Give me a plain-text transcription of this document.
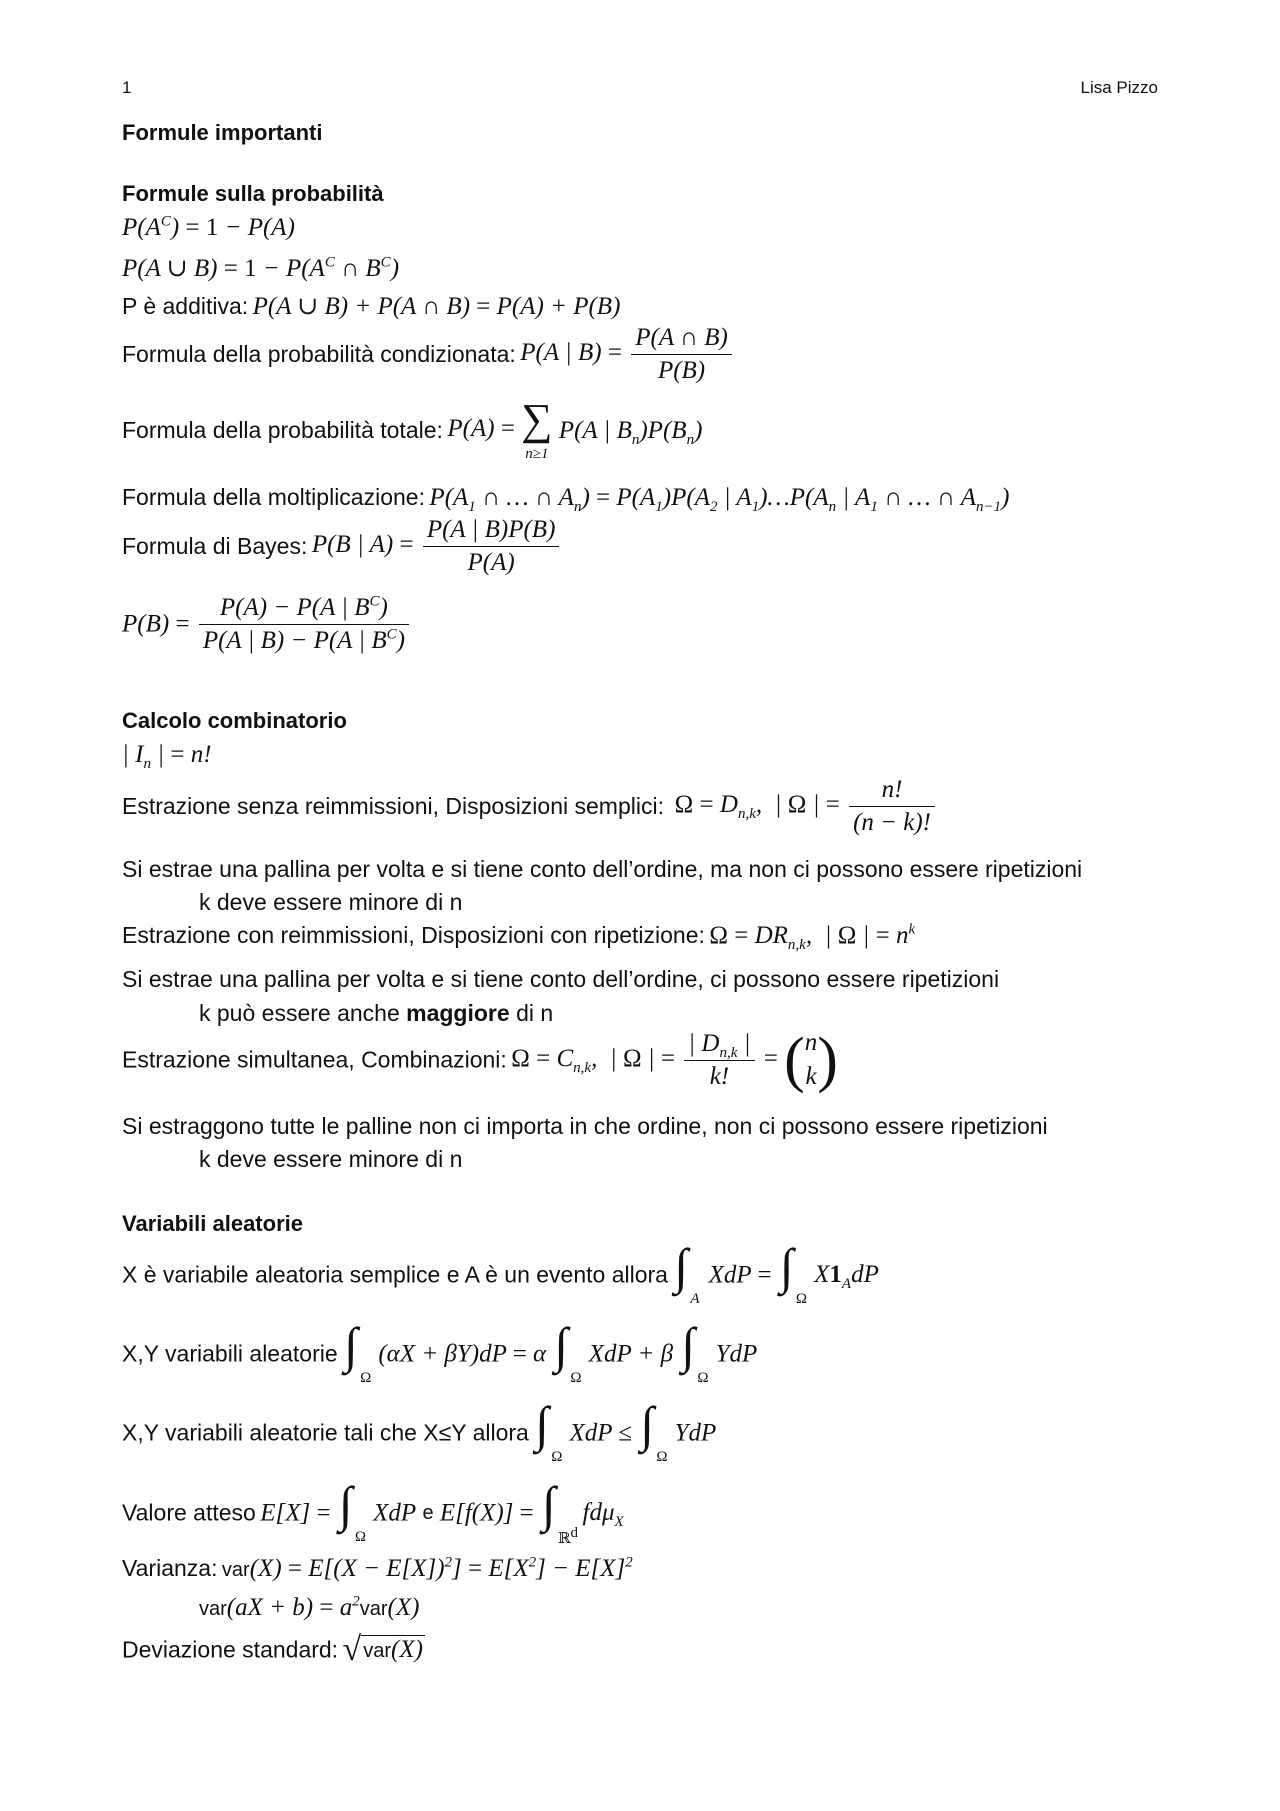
1	Lisa Pizzo
Formule importanti
Formule sulla probabilità
$P(A^C) = 1 - P(A)$
P(A ∪ $B) = 1 - P(A^C$ ∩ $B^C$)
P è additiva: P(A ∪ B) + P(A ∩ B) = P(A) + P(B)
Formula della probabilità condizionata: P(A | $B) = \frac{P(A \cap B)}{P(B)}$
Formula della probabilità totale: P(A) = ∑
n≥1
P(A | $B_n)P(B_n)$
Formula della moltiplicazione: $P(A_1$ ∩ … ∩ $A_n) = P(A_1)P(A_2$ | $A_1)\dots P(A_n$ | $A_1$ ∩ … ∩ $A_{n-1}$)
Formula di Bayes: P(B | $A) = \frac{P(A | B)P(B)}{P(A)}$
$P(B) = \frac{P(A) - P(A | B^C)}{P(A | B) - P(A | B^C)}$
Calcolo combinatorio
| $I_n$ | = n!
Estrazione senza reimmissioni, Disposizioni semplici: $\Omega = D_{n,k}$,  | Ω | = $\frac{n!}{(n - k)!}$
Si estrae una pallina per volta e si tiene conto dell’ordine, ma non ci possono essere ripetizioni
k deve essere minore di n
Estrazione con reimmissioni, Disposizioni con ripetizione: $\Omega = DR_{n,k}$,  | Ω | = $n^k$
Si estrae una pallina per volta e si tiene conto dell’ordine, ci possono essere ripetizioni
k può essere anche maggiore di n
Estrazione simultanea, Combinazioni: $\Omega = C_{n,k}$,  | Ω | = $\frac{| D_{n,k} |}{k!} = (n$
k)
Si estraggono tutte le palline non ci importa in che ordine, non ci possono essere ripetizioni
k deve essere minore di n
Variabili aleatorie
X è variabile aleatoria semplice e A è un evento allora ∫
A
XdP = ∫
Ω
$X1_AdP$
X,Y variabili aleatorie ∫
Ω
(αX + βY)dP = α ∫
Ω
XdP + β ∫
Ω
YdP
X,Y variabili aleatorie tali che X≤Y allora ∫
Ω
XdP ≤ ∫
Ω
YdP
Valore atteso E[X] = ∫
Ω
XdP e E[f(X)] = ∫
ℝ$^d$
fdμ$_X$
Varianza: $var(X) = E[(X - E[X])^2] = E[X^2] - E[X]^2$
$var(aX + b) = a^2var(X)$
Deviazione standard: √ var(X)
